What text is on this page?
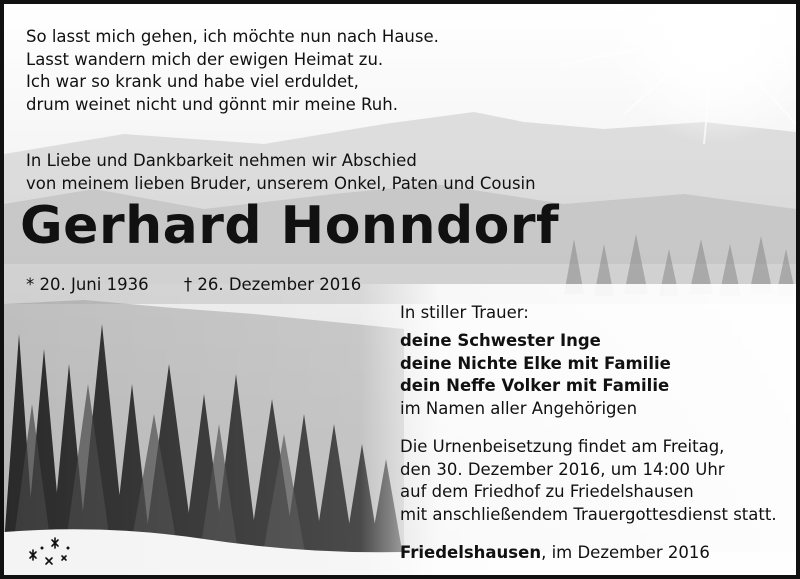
So lasst mich gehen, ich möchte nun nach Hause.
Lasst wandern mich der ewigen Heimat zu.
Ich war so krank und habe viel erduldet,
drum weinet nicht und gönnt mir meine Ruh.
In Liebe und Dankbarkeit nehmen wir Abschied
von meinem lieben Bruder, unserem Onkel, Paten und Cousin
Gerhard Honndorf
* 20. Juni 1936 † 26. Dezember 2016
In stiller Trauer:
deine Schwester Inge
deine Nichte Elke mit Familie
dein Neffe Volker mit Familie
im Namen aller Angehörigen
Die Urnenbeisetzung findet am Freitag,
den 30. Dezember 2016, um 14:00 Uhr
auf dem Friedhof zu Friedelshausen
mit anschließendem Trauergottesdienst statt.
Friedelshausen, im Dezember 2016
